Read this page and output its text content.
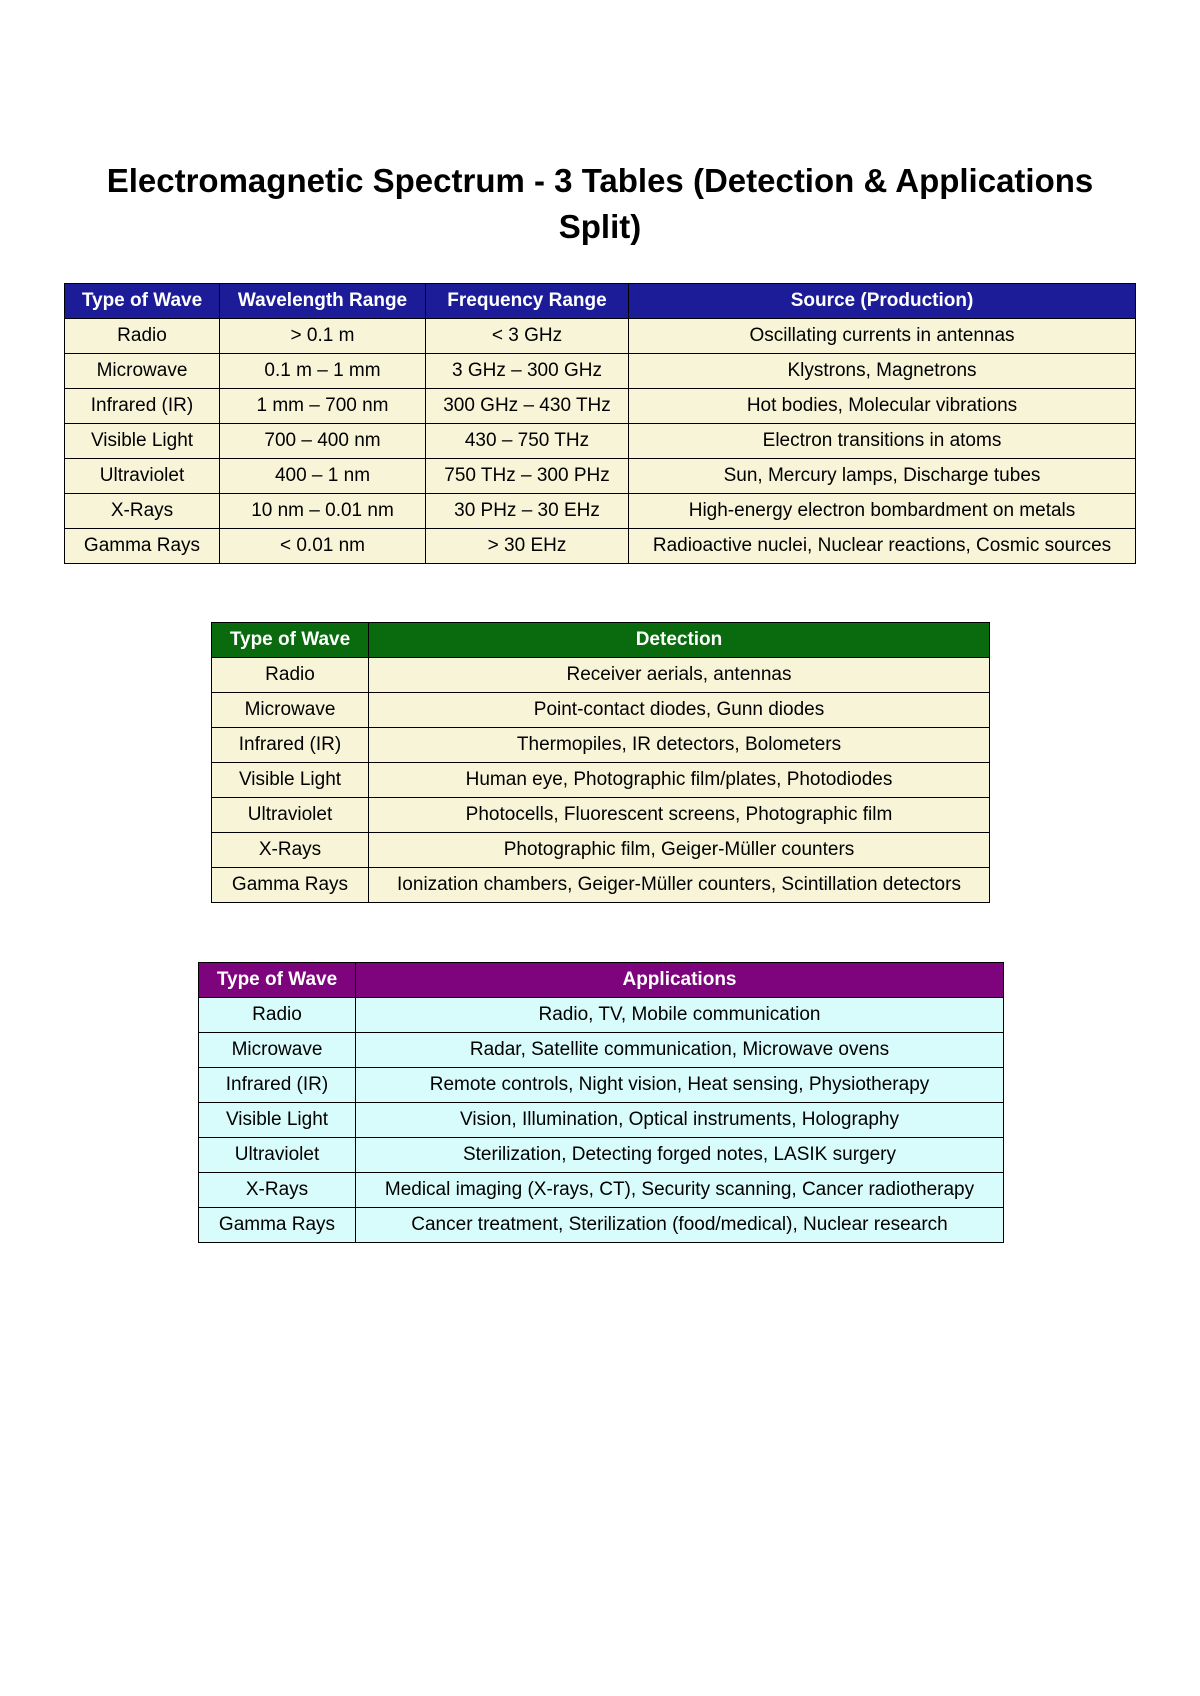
Electromagnetic Spectrum - 3 Tables (Detection & Applications Split)
Type of Wave	Wavelength Range	Frequency Range	Source (Production)
Radio	> 0.1 m	< 3 GHz	Oscillating currents in antennas
Microwave	0.1 m – 1 mm	3 GHz – 300 GHz	Klystrons, Magnetrons
Infrared (IR)	1 mm – 700 nm	300 GHz – 430 THz	Hot bodies, Molecular vibrations
Visible Light	700 – 400 nm	430 – 750 THz	Electron transitions in atoms
Ultraviolet	400 – 1 nm	750 THz – 300 PHz	Sun, Mercury lamps, Discharge tubes
X-Rays	10 nm – 0.01 nm	30 PHz – 30 EHz	High-energy electron bombardment on metals
Gamma Rays	< 0.01 nm	> 30 EHz	Radioactive nuclei, Nuclear reactions, Cosmic sources
Type of Wave	Detection
Radio	Receiver aerials, antennas
Microwave	Point-contact diodes, Gunn diodes
Infrared (IR)	Thermopiles, IR detectors, Bolometers
Visible Light	Human eye, Photographic film/plates, Photodiodes
Ultraviolet	Photocells, Fluorescent screens, Photographic film
X-Rays	Photographic film, Geiger-Müller counters
Gamma Rays	Ionization chambers, Geiger-Müller counters, Scintillation detectors
Type of Wave	Applications
Radio	Radio, TV, Mobile communication
Microwave	Radar, Satellite communication, Microwave ovens
Infrared (IR)	Remote controls, Night vision, Heat sensing, Physiotherapy
Visible Light	Vision, Illumination, Optical instruments, Holography
Ultraviolet	Sterilization, Detecting forged notes, LASIK surgery
X-Rays	Medical imaging (X-rays, CT), Security scanning, Cancer radiotherapy
Gamma Rays	Cancer treatment, Sterilization (food/medical), Nuclear research
